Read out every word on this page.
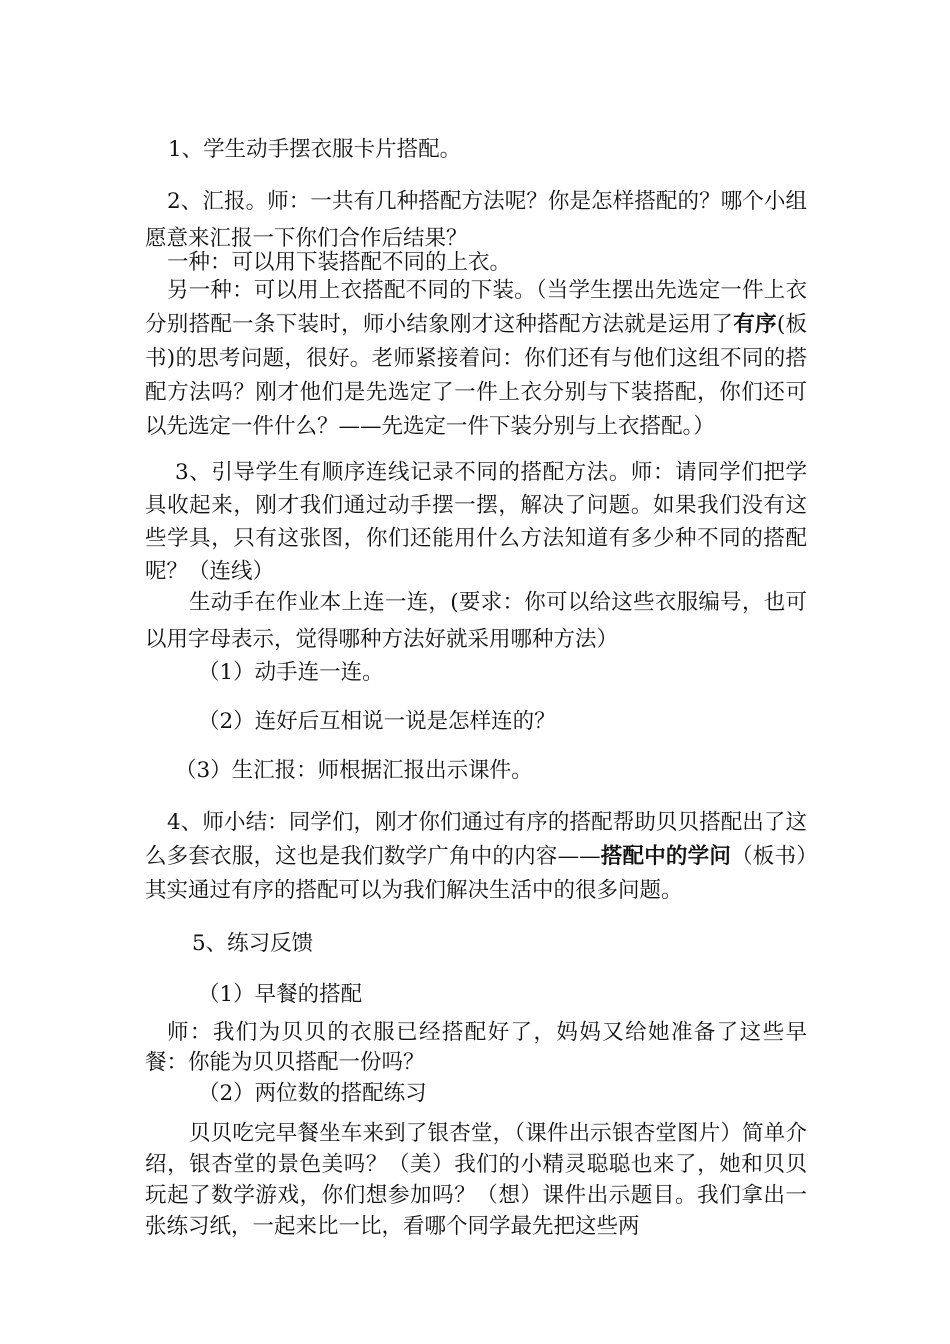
1、学生动手摆衣服卡片搭配。

2、汇报。师：一共有几种搭配方法呢？你是怎样搭配的？哪个小组愿意来汇报一下你们合作后结果？

一种：可以用下装搭配不同的上衣。

另一种：可以用上衣搭配不同的下装。（当学生摆出先选定一件上衣分别搭配一条下装时，师小结象刚才这种搭配方法就是运用了有序(板书)的思考问题，很好。老师紧接着问：你们还有与他们这组不同的搭配方法吗？刚才他们是先选定了一件上衣分别与下装搭配，你们还可以先选定一件什么？——先选定一件下装分别与上衣搭配。）

3、引导学生有顺序连线记录不同的搭配方法。师：请同学们把学具收起来，刚才我们通过动手摆一摆，解决了问题。如果我们没有这些学具，只有这张图，你们还能用什么方法知道有多少种不同的搭配呢？（连线）

生动手在作业本上连一连，(要求：你可以给这些衣服编号，也可以用字母表示，觉得哪种方法好就采用哪种方法）

（1）动手连一连。

（2）连好后互相说一说是怎样连的？

（3）生汇报：师根据汇报出示课件。

4、师小结：同学们，刚才你们通过有序的搭配帮助贝贝搭配出了这么多套衣服，这也是我们数学广角中的内容——搭配中的学问（板书）其实通过有序的搭配可以为我们解决生活中的很多问题。

5、练习反馈

（1）早餐的搭配

师：我们为贝贝的衣服已经搭配好了，妈妈又给她准备了这些早餐：你能为贝贝搭配一份吗？

（2）两位数的搭配练习

贝贝吃完早餐坐车来到了银杏堂，（课件出示银杏堂图片）简单介绍，银杏堂的景色美吗？（美）我们的小精灵聪聪也来了，她和贝贝玩起了数学游戏，你们想参加吗？（想）课件出示题目。我们拿出一张练习纸，一起来比一比，看哪个同学最先把这些两
